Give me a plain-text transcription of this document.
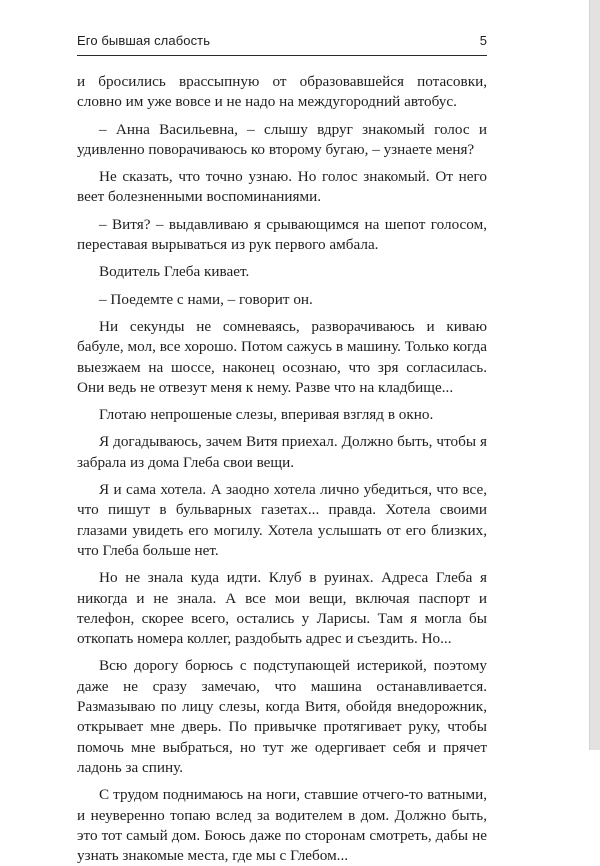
Его бывшая слабость	5

и бросились врассыпную от образовавшейся потасовки, словно им уже вовсе и не надо на междугородний автобус.

– Анна Васильевна, – слышу вдруг знакомый голос и удивленно поворачиваюсь ко второму бугаю, – узнаете меня?

Не сказать, что точно узнаю. Но голос знакомый. От него веет болезненными воспоминаниями.

– Витя? – выдавливаю я срывающимся на шепот голосом, переставая вырываться из рук первого амбала.

Водитель Глеба кивает.

– Поедемте с нами, – говорит он.

Ни секунды не сомневаясь, разворачиваюсь и киваю бабуле, мол, все хорошо. Потом сажусь в машину. Только когда выезжаем на шоссе, наконец осознаю, что зря согласилась. Они ведь не отвезут меня к нему. Разве что на кладбище...

Глотаю непрошеные слезы, вперивая взгляд в окно.

Я догадываюсь, зачем Витя приехал. Должно быть, чтобы я забрала из дома Глеба свои вещи.

Я и сама хотела. А заодно хотела лично убедиться, что все, что пишут в бульварных газетах... правда. Хотела своими глазами увидеть его могилу. Хотела услышать от его близких, что Глеба больше нет.

Но не знала куда идти. Клуб в руинах. Адреса Глеба я никогда и не знала. А все мои вещи, включая паспорт и телефон, скорее всего, остались у Ларисы. Там я могла бы откопать номера коллег, раздобыть адрес и съездить. Но...

Всю дорогу борюсь с подступающей истерикой, поэтому даже не сразу замечаю, что машина останавливается. Размазываю по лицу слезы, когда Витя, обойдя внедорожник, открывает мне дверь. По привычке протягивает руку, чтобы помочь мне выбраться, но тут же одергивает себя и прячет ладонь за спину.

С трудом поднимаюсь на ноги, ставшие отчего-то ватными, и неуверенно топаю вслед за водителем в дом. Должно быть, это тот самый дом. Боюсь даже по сторонам смотреть, дабы не узнать знакомые места, где мы с Глебом...
